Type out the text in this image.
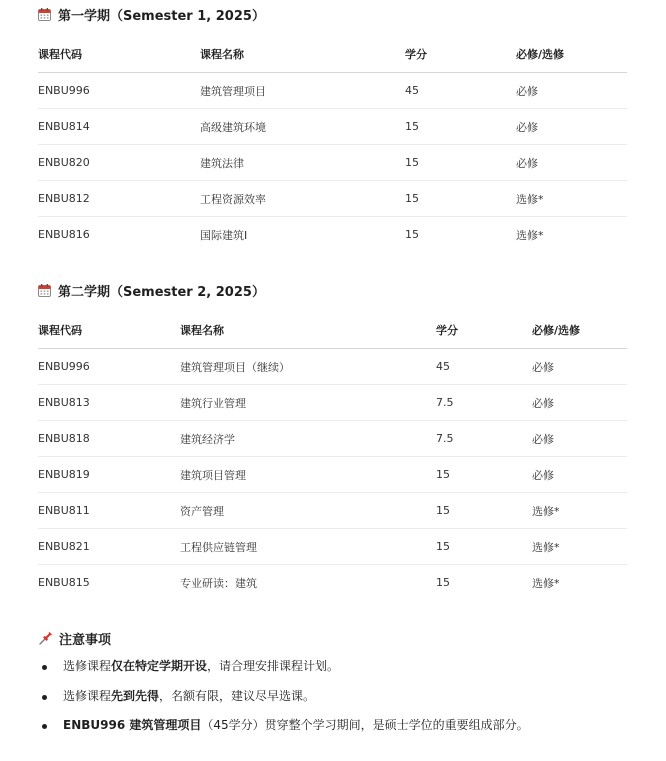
第一学期（Semester 1, 2025）
课程代码	课程名称	学分	必修/选修
ENBU996	建筑管理项目	45	必修
ENBU814	高级建筑环境	15	必修
ENBU820	建筑法律	15	必修
ENBU812	工程资源效率	15	选修*
ENBU816	国际建筑I	15	选修*
第二学期（Semester 2, 2025）
课程代码	课程名称	学分	必修/选修
ENBU996	建筑管理项目（继续）	45	必修
ENBU813	建筑行业管理	7.5	必修
ENBU818	建筑经济学	7.5	必修
ENBU819	建筑项目管理	15	必修
ENBU811	资产管理	15	选修*
ENBU821	工程供应链管理	15	选修*
ENBU815	专业研读：建筑	15	选修*
注意事项
选修课程仅在特定学期开设，请合理安排课程计划。
选修课程先到先得，名额有限，建议尽早选课。
ENBU996 建筑管理项目（45学分）贯穿整个学习期间，是硕士学位的重要组成部分。
